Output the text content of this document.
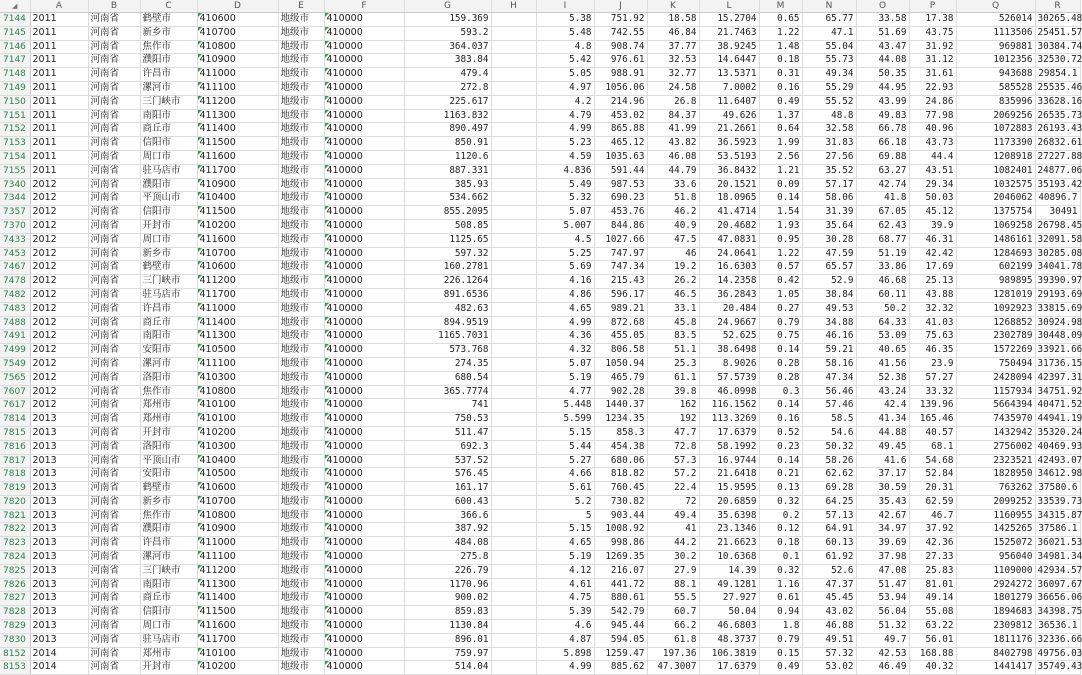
◢	A	B	C	D	E	F	G	H	I	J	K	L	M	N	O	P	Q	R
7144	2011	河南省	鹤壁市	410600	地级市	410000	159.369		5.38	751.92	18.58	15.2704	0.65	65.77	33.58	17.38	526014	30265.48
7145	2011	河南省	新乡市	410700	地级市	410000	593.2		5.48	742.55	46.84	21.7463	1.22	47.1	51.69	43.75	1113506	25451.57
7146	2011	河南省	焦作市	410800	地级市	410000	364.037		4.8	908.74	37.77	38.9245	1.48	55.04	43.47	31.92	969881	30384.74
7147	2011	河南省	濮阳市	410900	地级市	410000	383.84		5.42	976.61	32.53	14.6447	0.18	55.73	44.08	31.12	1012356	32530.72
7148	2011	河南省	许昌市	411000	地级市	410000	479.4		5.05	988.91	32.77	13.5371	0.31	49.34	50.35	31.61	943688	29854.1
7149	2011	河南省	漯河市	411100	地级市	410000	272.8		4.97	1056.06	24.58	7.0002	0.16	55.29	44.95	22.93	585528	25535.46
7150	2011	河南省	三门峡市	411200	地级市	410000	225.617		4.2	214.96	26.8	11.6407	0.49	55.52	43.99	24.86	835996	33628.16
7151	2011	河南省	南阳市	411300	地级市	410000	1163.832		4.79	453.02	84.37	49.626	1.37	48.8	49.83	77.98	2069256	26535.73
7152	2011	河南省	商丘市	411400	地级市	410000	890.497		4.99	865.88	41.99	21.2661	0.64	32.58	66.78	40.96	1072883	26193.43
7153	2011	河南省	信阳市	411500	地级市	410000	850.91		5.23	465.12	43.82	36.5923	1.99	31.83	66.18	43.73	1173390	26832.61
7154	2011	河南省	周口市	411600	地级市	410000	1120.6		4.59	1035.63	46.08	53.5193	2.56	27.56	69.88	44.4	1208918	27227.88
7155	2011	河南省	驻马店市	411700	地级市	410000	887.331		4.836	591.44	44.79	36.8432	1.21	35.52	63.27	43.51	1082401	24877.06
7340	2012	河南省	濮阳市	410900	地级市	410000	385.93		5.49	987.53	33.6	20.1521	0.09	57.17	42.74	29.34	1032575	35193.42
7344	2012	河南省	平顶山市	410400	地级市	410000	534.662		5.32	690.23	51.8	18.0965	0.14	58.06	41.8	50.03	2046062	40896.7
7357	2012	河南省	信阳市	411500	地级市	410000	855.2095		5.07	453.76	46.2	41.4714	1.54	31.39	67.05	45.12	1375754	30491
7370	2012	河南省	开封市	410200	地级市	410000	508.85		5.007	844.86	40.9	20.4682	1.93	35.64	62.43	39.9	1069258	26798.45
7433	2012	河南省	周口市	411600	地级市	410000	1125.65		4.5	1027.66	47.5	47.0831	0.95	30.28	68.77	46.31	1486161	32091.58
7453	2012	河南省	新乡市	410700	地级市	410000	597.32		5.25	747.97	46	24.0641	1.22	47.59	51.19	42.42	1284693	30285.08
7467	2012	河南省	鹤壁市	410600	地级市	410000	160.2781		5.69	747.34	19.2	16.6303	0.57	65.57	33.86	17.69	602199	34041.78
7478	2012	河南省	三门峡市	411200	地级市	410000	226.1264		4.16	215.43	26.2	14.2358	0.42	52.9	46.68	25.13	989895	39390.97
7482	2012	河南省	驻马店市	411700	地级市	410000	891.6536		4.86	596.17	46.5	36.2843	1.05	38.84	60.11	43.88	1281019	29193.69
7483	2012	河南省	许昌市	411000	地级市	410000	482.63		4.65	989.21	33.1	20.484	0.27	49.53	50.2	32.32	1092923	33815.69
7488	2012	河南省	商丘市	411400	地级市	410000	894.9519		4.99	872.68	45.8	24.9667	0.79	34.88	64.33	41.03	1268852	30924.98
7491	2012	河南省	南阳市	411300	地级市	410000	1165.7031		4.36	455.05	83.5	52.625	0.75	46.16	53.09	75.63	2302789	30448.09
7499	2012	河南省	安阳市	410500	地级市	410000	573.768		4.32	806.58	51.1	38.6498	0.14	59.21	40.65	46.35	1572269	33921.66
7549	2012	河南省	漯河市	411100	地级市	410000	274.35		5.07	1050.94	25.3	8.9026	0.28	58.16	41.56	23.9	750494	31736.15
7565	2012	河南省	洛阳市	410300	地级市	410000	680.54		5.19	465.79	61.1	57.5739	0.28	47.34	52.38	57.27	2428094	42397.31
7607	2012	河南省	焦作市	410800	地级市	410000	365.7774		4.77	902.28	39.8	46.0998	0.3	56.46	43.24	33.32	1157934	34751.92
7617	2012	河南省	郑州市	410100	地级市	410000	741		5.448	1440.37	162	116.1562	0.14	57.46	42.4	139.96	5664394	40471.52
7814	2013	河南省	郑州市	410100	地级市	410000	750.53		5.599	1234.35	192	113.3269	0.16	58.5	41.34	165.46	7435970	44941.19
7815	2013	河南省	开封市	410200	地级市	410000	511.47		5.15	858.3	47.7	17.6379	0.52	54.6	44.88	40.57	1432942	35320.24
7816	2013	河南省	洛阳市	410300	地级市	410000	692.3		5.44	454.38	72.8	58.1992	0.23	50.32	49.45	68.1	2756002	40469.93
7817	2013	河南省	平顶山市	410400	地级市	410000	537.52		5.27	680.06	57.3	16.9744	0.14	58.26	41.6	54.68	2323521	42493.07
7818	2013	河南省	安阳市	410500	地级市	410000	576.45		4.66	818.82	57.2	21.6418	0.21	62.62	37.17	52.84	1828950	34612.98
7819	2013	河南省	鹤壁市	410600	地级市	410000	161.17		5.61	760.45	22.4	15.9595	0.13	69.28	30.59	20.31	763262	37580.6
7820	2013	河南省	新乡市	410700	地级市	410000	600.43		5.2	730.82	72	20.6859	0.32	64.25	35.43	62.59	2099252	33539.73
7821	2013	河南省	焦作市	410800	地级市	410000	366.6		5	903.44	49.4	35.6398	0.2	57.13	42.67	46.7	1160955	34315.87
7822	2013	河南省	濮阳市	410900	地级市	410000	387.92		5.15	1008.92	41	23.1346	0.12	64.91	34.97	37.92	1425265	37586.1
7823	2013	河南省	许昌市	411000	地级市	410000	484.08		4.65	998.86	44.2	21.6623	0.18	60.13	39.69	42.36	1525072	36021.53
7824	2013	河南省	漯河市	411100	地级市	410000	275.8		5.19	1269.35	30.2	10.6368	0.1	61.92	37.98	27.33	956040	34981.34
7825	2013	河南省	三门峡市	411200	地级市	410000	226.79		4.12	216.07	27.9	14.39	0.32	52.6	47.08	25.83	1109000	42934.57
7826	2013	河南省	南阳市	411300	地级市	410000	1170.96		4.61	441.72	88.1	49.1281	1.16	47.37	51.47	81.01	2924272	36097.67
7827	2013	河南省	商丘市	411400	地级市	410000	900.02		4.75	880.61	55.5	27.927	0.61	45.45	53.94	49.14	1801279	36656.06
7828	2013	河南省	信阳市	411500	地级市	410000	859.83		5.39	542.79	60.7	50.04	0.94	43.02	56.04	55.08	1894683	34398.75
7829	2013	河南省	周口市	411600	地级市	410000	1130.84		4.6	945.44	66.2	46.6803	1.8	46.88	51.32	63.22	2309812	36536.1
7830	2013	河南省	驻马店市	411700	地级市	410000	896.01		4.87	594.05	61.8	48.3737	0.79	49.51	49.7	56.01	1811176	32336.66
8152	2014	河南省	郑州市	410100	地级市	410000	759.97		5.898	1259.47	197.36	106.3819	0.15	57.32	42.53	168.88	8402798	49756.03
8153	2014	河南省	开封市	410200	地级市	410000	514.04		4.99	885.62	47.3007	17.6379	0.49	53.02	46.49	40.32	1441417	35749.43
